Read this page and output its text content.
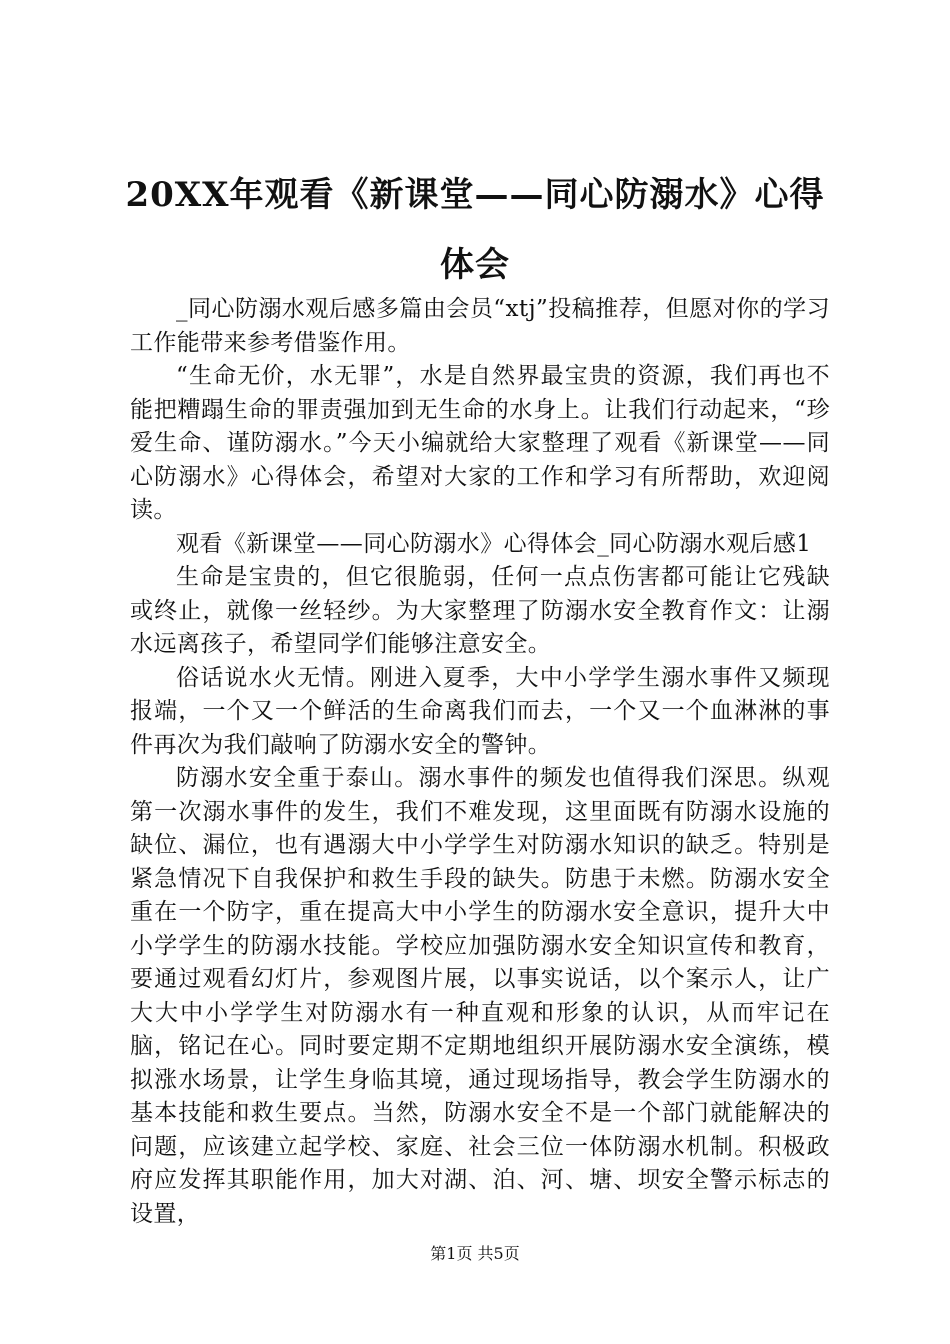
20XX年观看《新课堂——同心防溺水》心得体会

_同心防溺水观后感多篇由会员“xtj”投稿推荐，但愿对你的学习工作能带来参考借鉴作用。

“生命无价，水无罪”，水是自然界最宝贵的资源，我们再也不能把糟蹋生命的罪责强加到无生命的水身上。让我们行动起来，“珍爱生命、谨防溺水。”今天小编就给大家整理了观看《新课堂——同心防溺水》心得体会，希望对大家的工作和学习有所帮助，欢迎阅读。

观看《新课堂——同心防溺水》心得体会_同心防溺水观后感1

生命是宝贵的，但它很脆弱，任何一点点伤害都可能让它残缺或终止，就像一丝轻纱。为大家整理了防溺水安全教育作文：让溺水远离孩子，希望同学们能够注意安全。

俗话说水火无情。刚进入夏季，大中小学学生溺水事件又频现报端，一个又一个鲜活的生命离我们而去，一个又一个血淋淋的事件再次为我们敲响了防溺水安全的警钟。

防溺水安全重于泰山。溺水事件的频发也值得我们深思。纵观第一次溺水事件的发生，我们不难发现，这里面既有防溺水设施的缺位、漏位，也有遇溺大中小学学生对防溺水知识的缺乏。特别是紧急情况下自我保护和救生手段的缺失。防患于未燃。防溺水安全重在一个防字，重在提高大中小学生的防溺水安全意识，提升大中小学学生的防溺水技能。学校应加强防溺水安全知识宣传和教育，要通过观看幻灯片，参观图片展，以事实说话，以个案示人，让广大大中小学学生对防溺水有一种直观和形象的认识，从而牢记在脑，铭记在心。同时要定期不定期地组织开展防溺水安全演练，模拟涨水场景，让学生身临其境，通过现场指导，教会学生防溺水的基本技能和救生要点。当然，防溺水安全不是一个部门就能解决的问题，应该建立起学校、家庭、社会三位一体防溺水机制。积极政府应发挥其职能作用，加大对湖、泊、河、塘、坝安全警示标志的设置，

第1页 共5页
